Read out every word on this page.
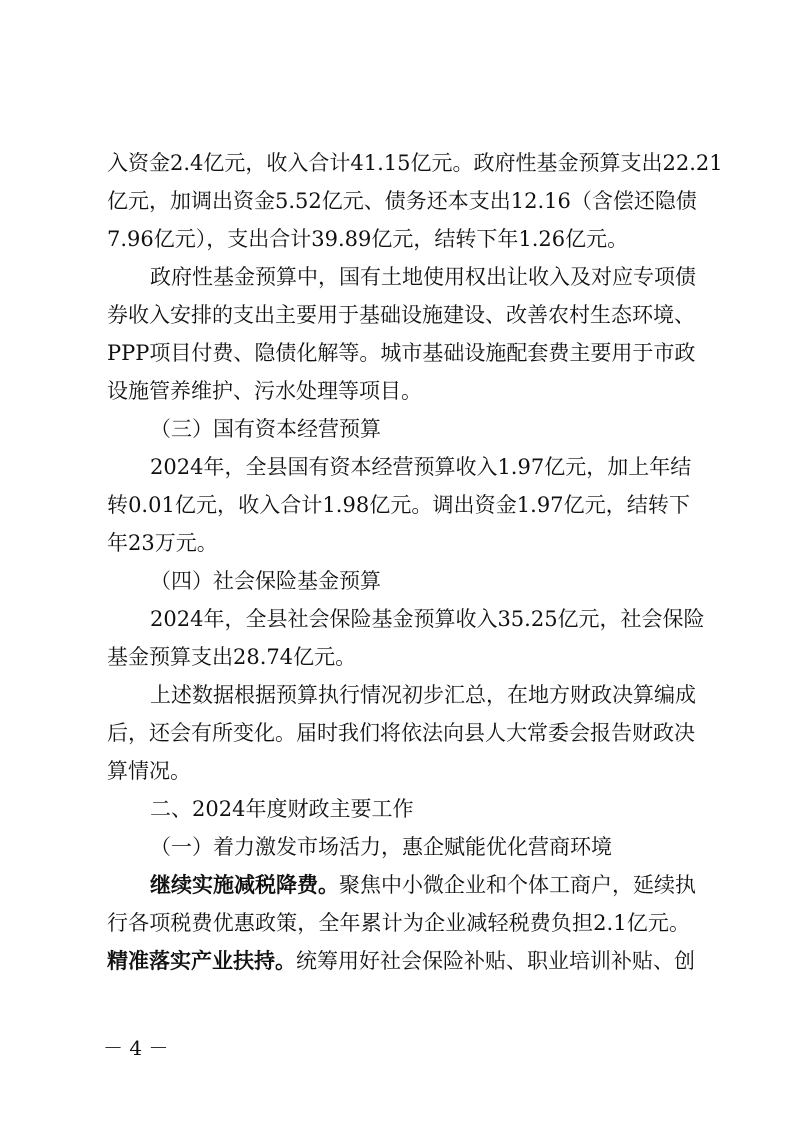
入资金2.4亿元，收入合计41.15亿元。政府性基金预算支出22.21
亿元，加调出资金5.52亿元、债务还本支出12.16（含偿还隐债
7.96亿元），支出合计39.89亿元，结转下年1.26亿元。
政府性基金预算中，国有土地使用权出让收入及对应专项债
券收入安排的支出主要用于基础设施建设、改善农村生态环境、
PPP项目付费、隐债化解等。城市基础设施配套费主要用于市政
设施管养维护、污水处理等项目。
（三）国有资本经营预算
2024年，全县国有资本经营预算收入1.97亿元，加上年结
转0.01亿元，收入合计1.98亿元。调出资金1.97亿元，结转下
年23万元。
（四）社会保险基金预算
2024年，全县社会保险基金预算收入35.25亿元，社会保险
基金预算支出28.74亿元。
上述数据根据预算执行情况初步汇总，在地方财政决算编成
后，还会有所变化。届时我们将依法向县人大常委会报告财政决
算情况。
二、2024年度财政主要工作
（一）着力激发市场活力，惠企赋能优化营商环境
继续实施减税降费。聚焦中小微企业和个体工商户，延续执
行各项税费优惠政策，全年累计为企业减轻税费负担2.1亿元。
精准落实产业扶持。统筹用好社会保险补贴、职业培训补贴、创
－ 4 －
